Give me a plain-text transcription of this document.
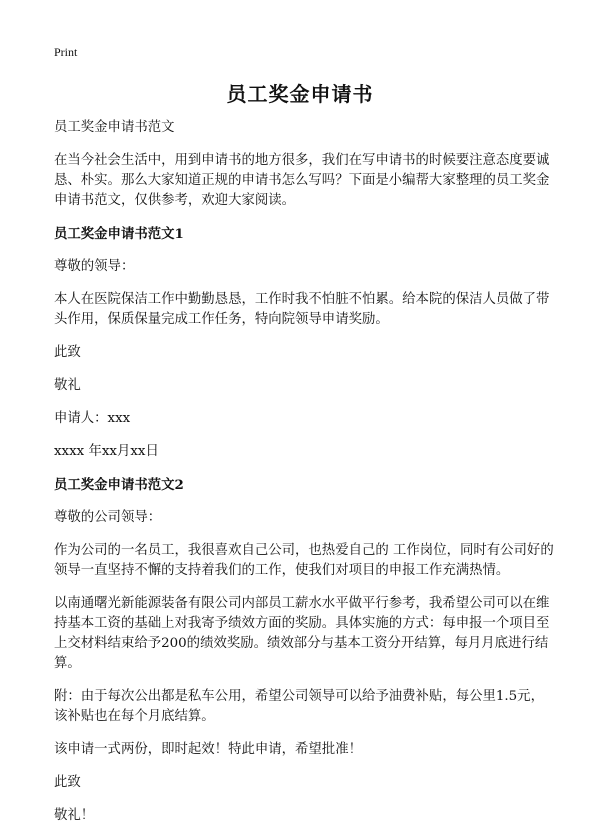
Print
员工奖金申请书

员工奖金申请书范文

在当今社会生活中，用到申请书的地方很多，我们在写申请书的时候要注意态度要诚恳、朴实。那么大家知道正规的申请书怎么写吗？下面是小编帮大家整理的员工奖金申请书范文，仅供参考，欢迎大家阅读。

员工奖金申请书范文1

尊敬的领导：

本人在医院保洁工作中勤勤恳恳，工作时我不怕脏不怕累。给本院的保洁人员做了带头作用，保质保量完成工作任务，特向院领导申请奖励。

此致

敬礼

申请人：xxx

xxxx 年xx月xx日

员工奖金申请书范文2

尊敬的公司领导：

作为公司的一名员工，我很喜欢自己公司，也热爱自己的 工作岗位，同时有公司好的领导一直坚持不懈的支持着我们的工作，使我们对项目的申报工作充满热情。

以南通曙光新能源装备有限公司内部员工薪水水平做平行参考，我希望公司可以在维持基本工资的基础上对我寄予绩效方面的奖励。具体实施的方式：每申报一个项目至上交材料结束给予200的绩效奖励。绩效部分与基本工资分开结算，每月月底进行结算。

附：由于每次公出都是私车公用，希望公司领导可以给予油费补贴，每公里1.5元，该补贴也在每个月底结算。

该申请一式两份，即时起效！特此申请，希望批准！

此致

敬礼！
